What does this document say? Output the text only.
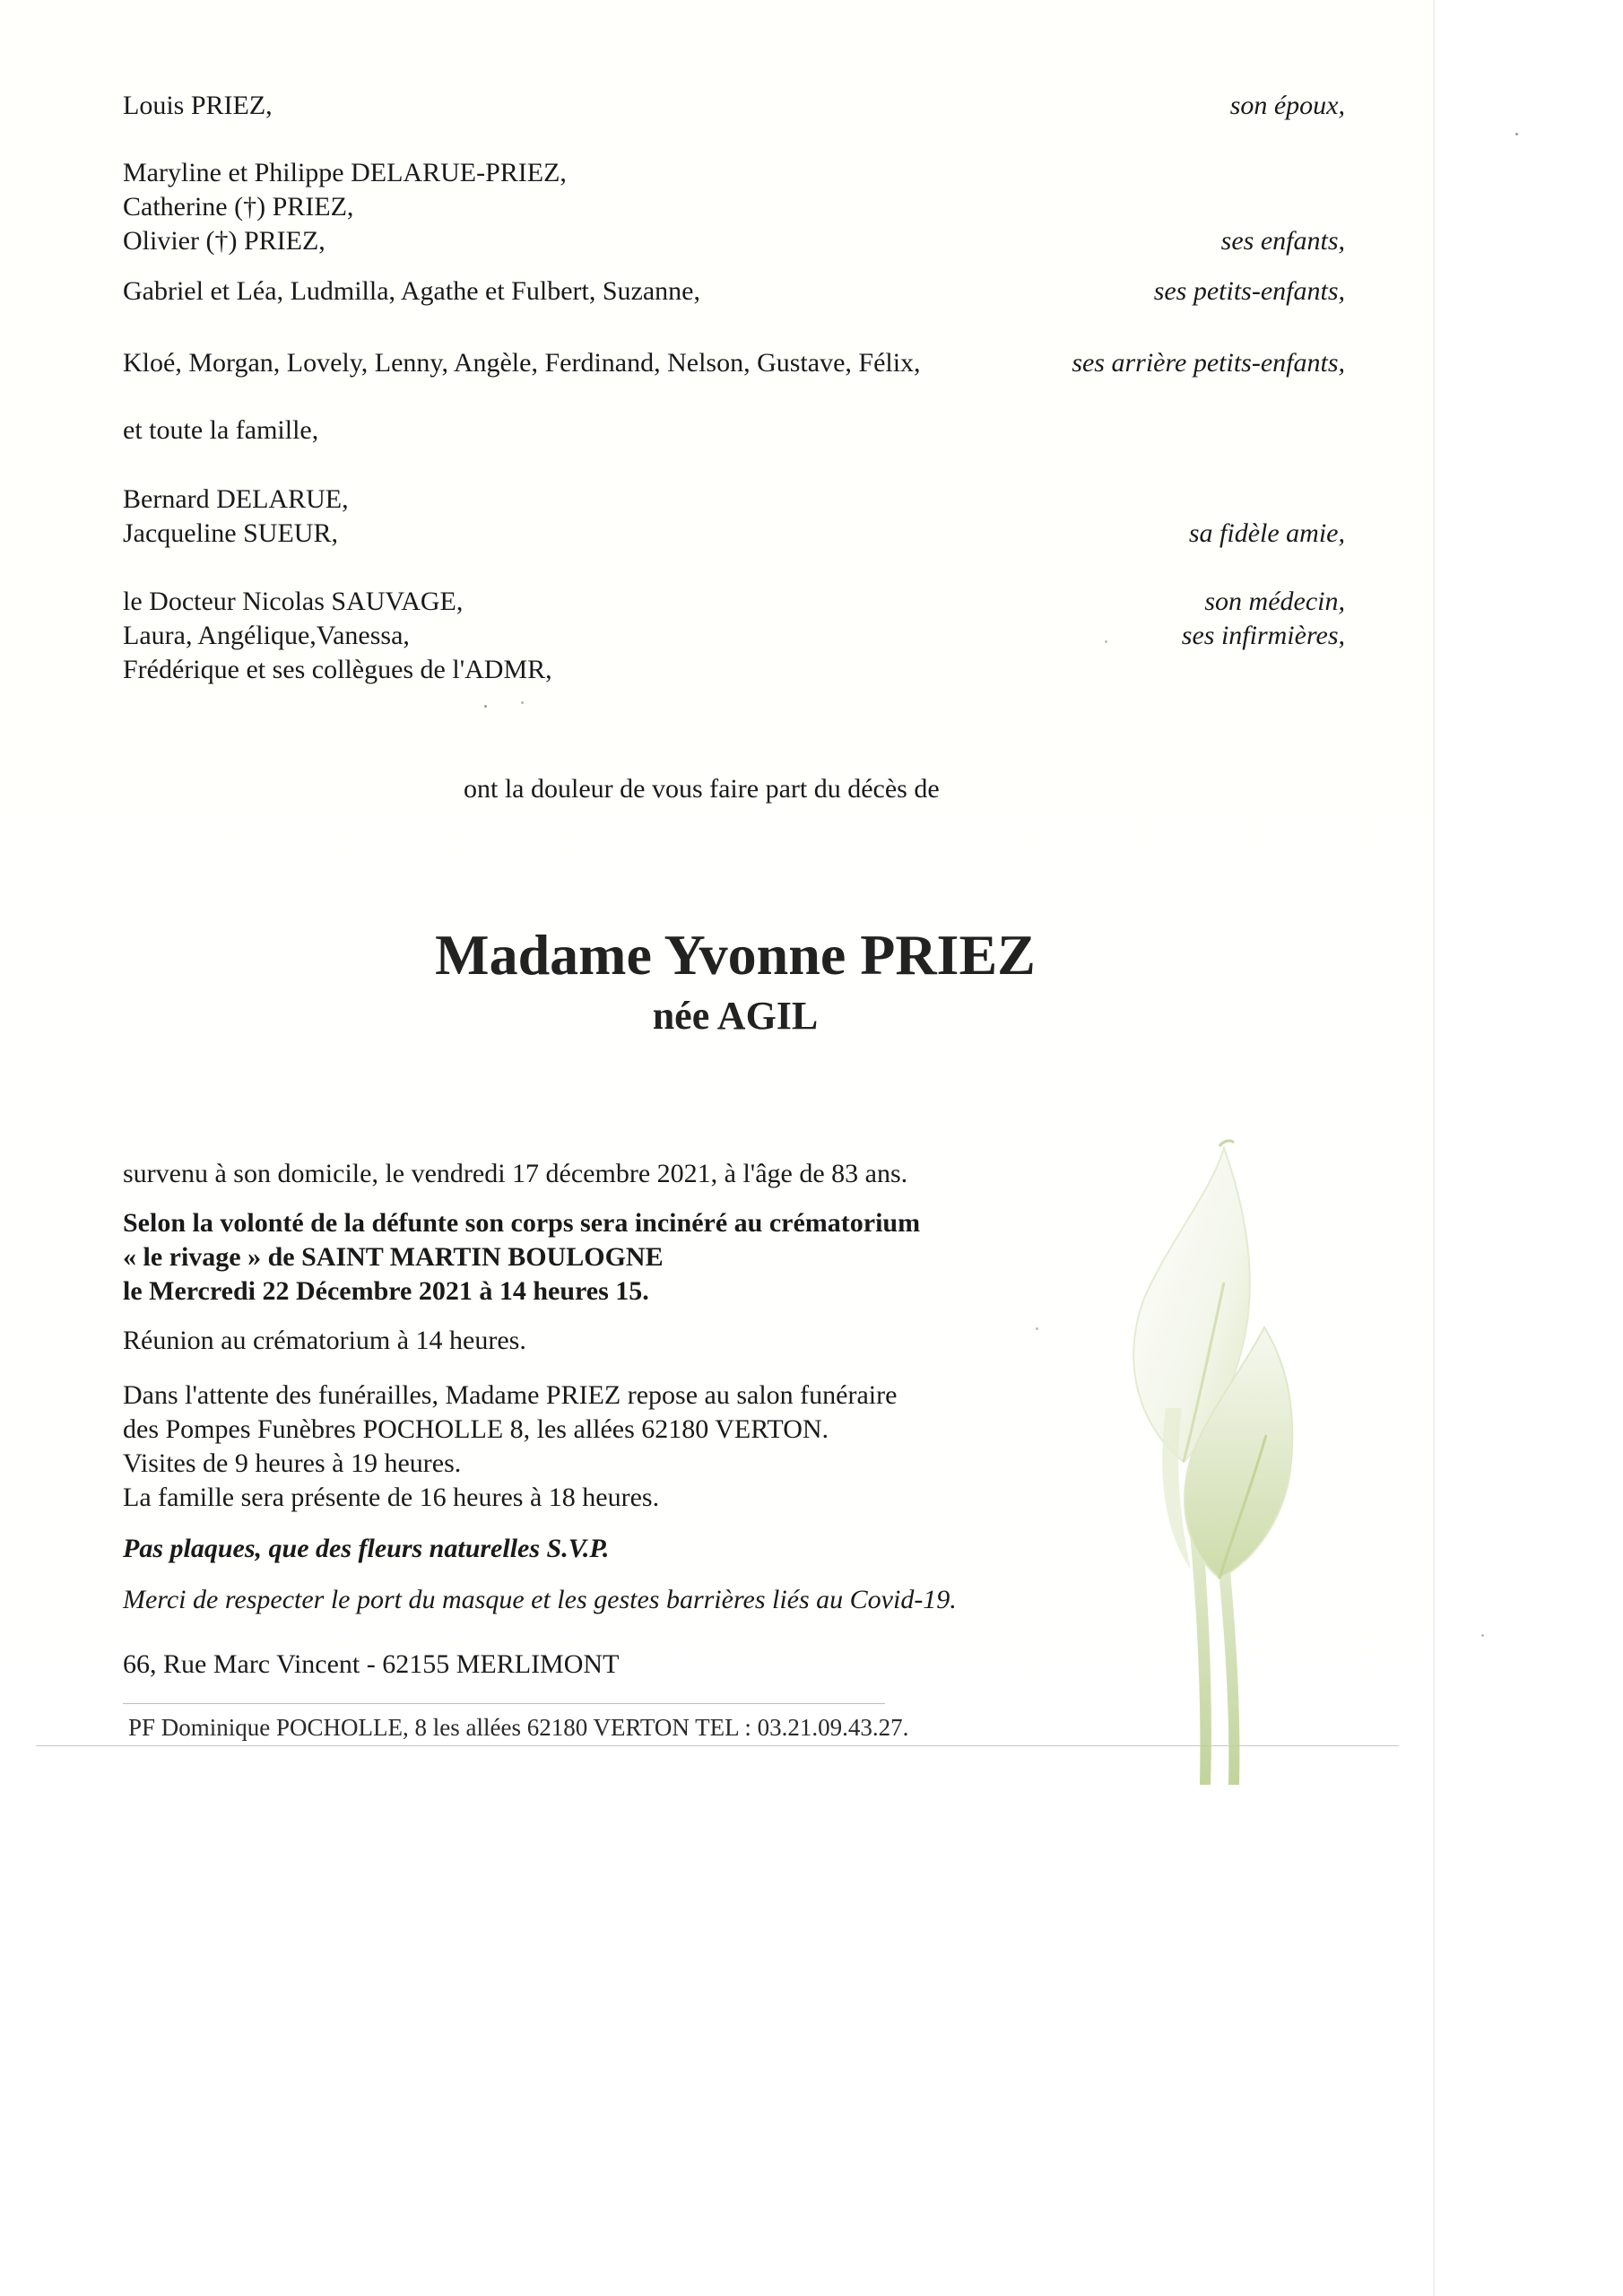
Louis PRIEZ,	son époux,
Maryline et Philippe DELARUE-PRIEZ,
Catherine (†) PRIEZ,
Olivier (†) PRIEZ,	ses enfants,
Gabriel et Léa, Ludmilla, Agathe et Fulbert, Suzanne,	ses petits-enfants,
Kloé, Morgan, Lovely, Lenny, Angèle, Ferdinand, Nelson, Gustave, Félix,	ses arrière petits-enfants,
et toute la famille,
Bernard DELARUE,
Jacqueline SUEUR,	sa fidèle amie,
le Docteur Nicolas SAUVAGE,	son médecin,
Laura, Angélique,Vanessa,	ses infirmières,
Frédérique et ses collègues de l'ADMR,
ont la douleur de vous faire part du décès de
Madame Yvonne PRIEZ
née AGIL
survenu à son domicile, le vendredi 17 décembre 2021, à l'âge de 83 ans.
Selon la volonté de la défunte son corps sera incinéré au crématorium
« le rivage » de SAINT MARTIN BOULOGNE
le Mercredi 22 Décembre 2021 à 14 heures 15.
Réunion au crématorium à 14 heures.
Dans l'attente des funérailles, Madame PRIEZ repose au salon funéraire
des Pompes Funèbres POCHOLLE 8, les allées 62180 VERTON.
Visites de 9 heures à 19 heures.
La famille sera présente de 16 heures à 18 heures.
Pas plaques, que des fleurs naturelles S.V.P.
Merci de respecter le port du masque et les gestes barrières liés au Covid-19.
66, Rue Marc Vincent - 62155 MERLIMONT
PF Dominique POCHOLLE, 8 les allées 62180 VERTON TEL : 03.21.09.43.27.
